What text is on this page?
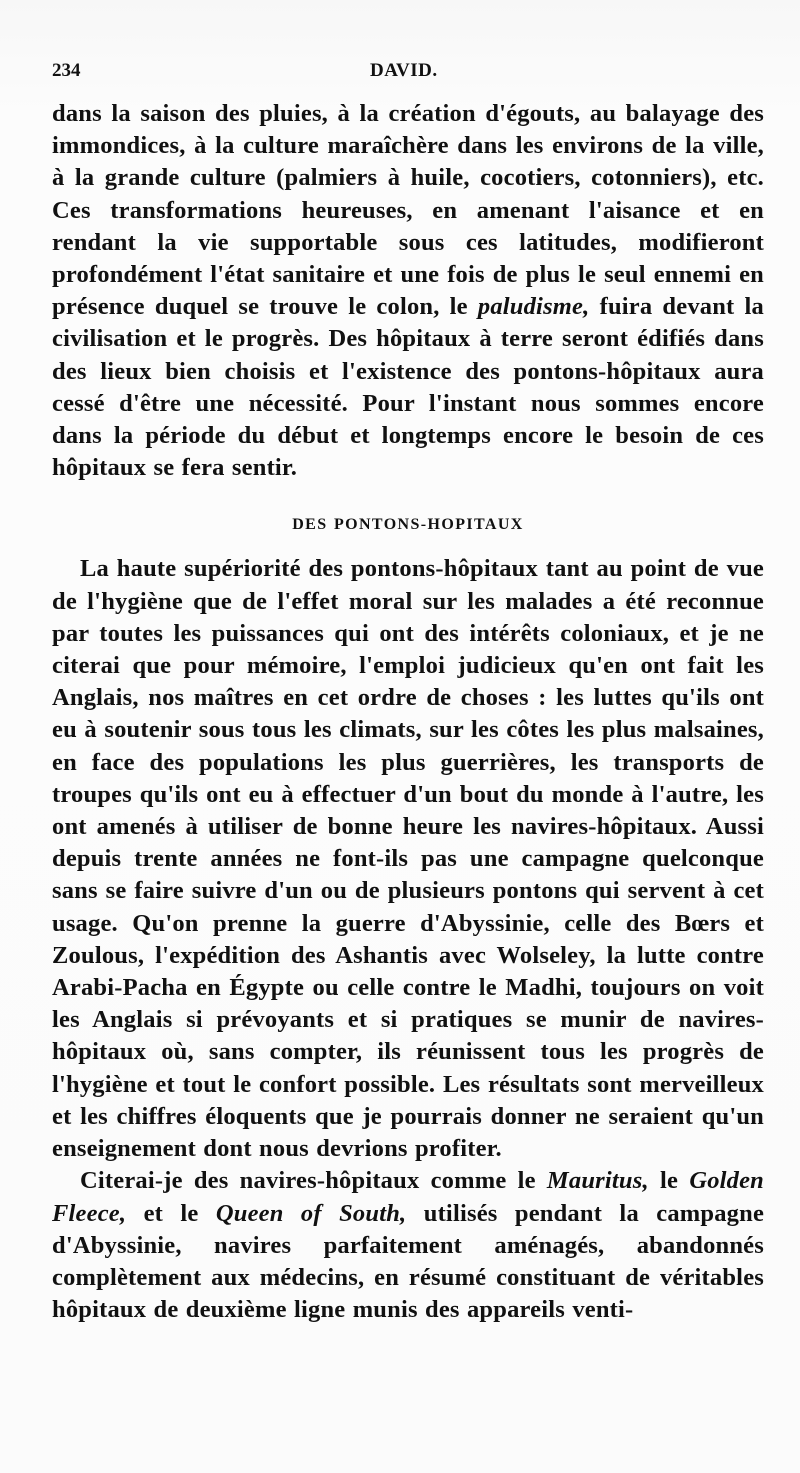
234	DAVID.

dans la saison des pluies, à la création d'égouts, au balayage des immondices, à la culture maraîchère dans les environs de la ville, à la grande culture (palmiers à huile, cocotiers, cotonniers), etc. Ces transformations heureuses, en amenant l'aisance et en rendant la vie supportable sous ces latitudes, modifieront profondément l'état sanitaire et une fois de plus le seul ennemi en présence duquel se trouve le colon, le paludisme, fuira devant la civilisation et le progrès. Des hôpitaux à terre seront édifiés dans des lieux bien choisis et l'existence des pontons-hôpitaux aura cessé d'être une nécessité. Pour l'instant nous sommes encore dans la période du début et longtemps encore le besoin de ces hôpitaux se fera sentir.

DES PONTONS-HOPITAUX

La haute supériorité des pontons-hôpitaux tant au point de vue de l'hygiène que de l'effet moral sur les malades a été reconnue par toutes les puissances qui ont des intérêts coloniaux, et je ne citerai que pour mémoire, l'emploi judicieux qu'en ont fait les Anglais, nos maîtres en cet ordre de choses : les luttes qu'ils ont eu à soutenir sous tous les climats, sur les côtes les plus malsaines, en face des populations les plus guerrières, les transports de troupes qu'ils ont eu à effectuer d'un bout du monde à l'autre, les ont amenés à utiliser de bonne heure les navires-hôpitaux. Aussi depuis trente années ne font-ils pas une campagne quelconque sans se faire suivre d'un ou de plusieurs pontons qui servent à cet usage. Qu'on prenne la guerre d'Abyssinie, celle des Bœrs et Zoulous, l'expédition des Ashantis avec Wolseley, la lutte contre Arabi-Pacha en Égypte ou celle contre le Madhi, toujours on voit les Anglais si prévoyants et si pratiques se munir de navires-hôpitaux où, sans compter, ils réunissent tous les progrès de l'hygiène et tout le confort possible. Les résultats sont merveilleux et les chiffres éloquents que je pourrais donner ne seraient qu'un enseignement dont nous devrions profiter.

Citerai-je des navires-hôpitaux comme le Mauritus, le Golden Fleece, et le Queen of South, utilisés pendant la campagne d'Abyssinie, navires parfaitement aménagés, abandonnés complètement aux médecins, en résumé constituant de véritables hôpitaux de deuxième ligne munis des appareils venti-
